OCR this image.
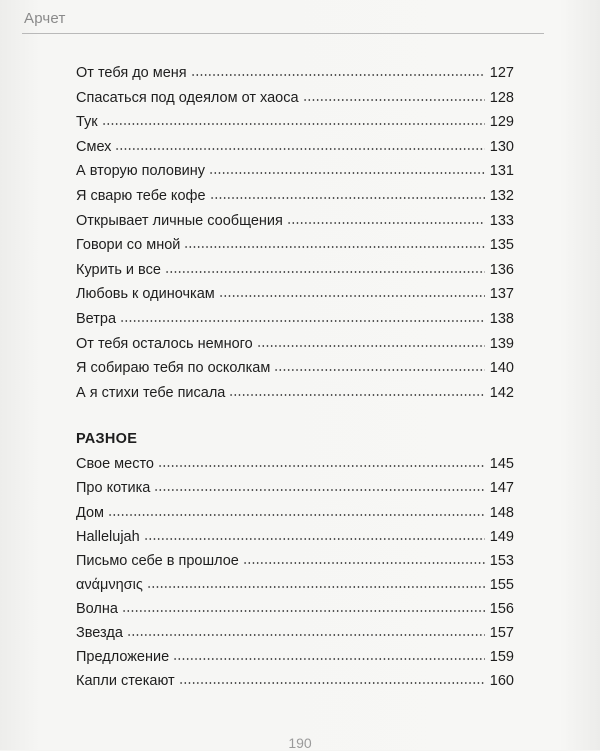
Арчет
От тебя до меня	127
Спасаться под одеялом от хаоса	128
Тук	129
Смех	130
А вторую половину	131
Я сварю тебе кофе	132
Открывает личные сообщения	133
Говори со мной	135
Курить и все	136
Любовь к одиночкам	137
Ветра	138
От тебя осталось немного	139
Я собираю тебя по осколкам	140
А я стихи тебе писала	142
РАЗНОЕ
Свое место	145
Про котика	147
Дом	148
Hallelujah	149
Письмо себе в прошлое	153
ανάμνησις	155
Волна	156
Звезда	157
Предложение	159
Капли стекают	160
190
